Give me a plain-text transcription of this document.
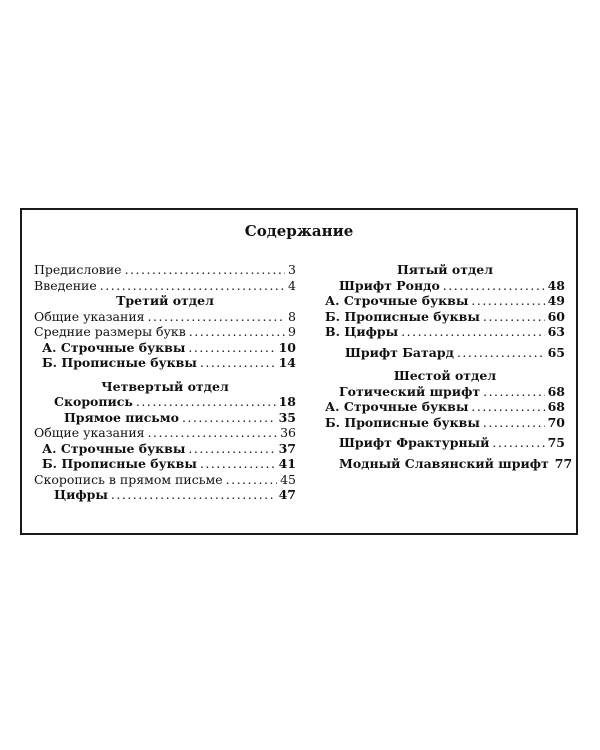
Содержание
Предисловие .....	3
Введение .....	4
Третий отдел
Общие указания .....	8
Средние размеры букв .....	9
А. Строчные буквы .....	10
Б. Прописные буквы .....	14
Четвертый отдел
Скоропись .....	18
Прямое письмо .....	35
Общие указания .....	36
А. Строчные буквы .....	37
Б. Прописные буквы .....	41
Скоропись в прямом письме .....	45
Цифры .....	47
Пятый отдел
Шрифт Рондо .....	48
А. Строчные буквы .....	49
Б. Прописные буквы .....	60
В. Цифры .....	63
Шрифт Батард .....	65
Шестой отдел
Готический шрифт .....	68
А. Строчные буквы .....	68
Б. Прописные буквы .....	70
Шрифт Фрактурный .....	75
Модный Славянский шрифт 77
